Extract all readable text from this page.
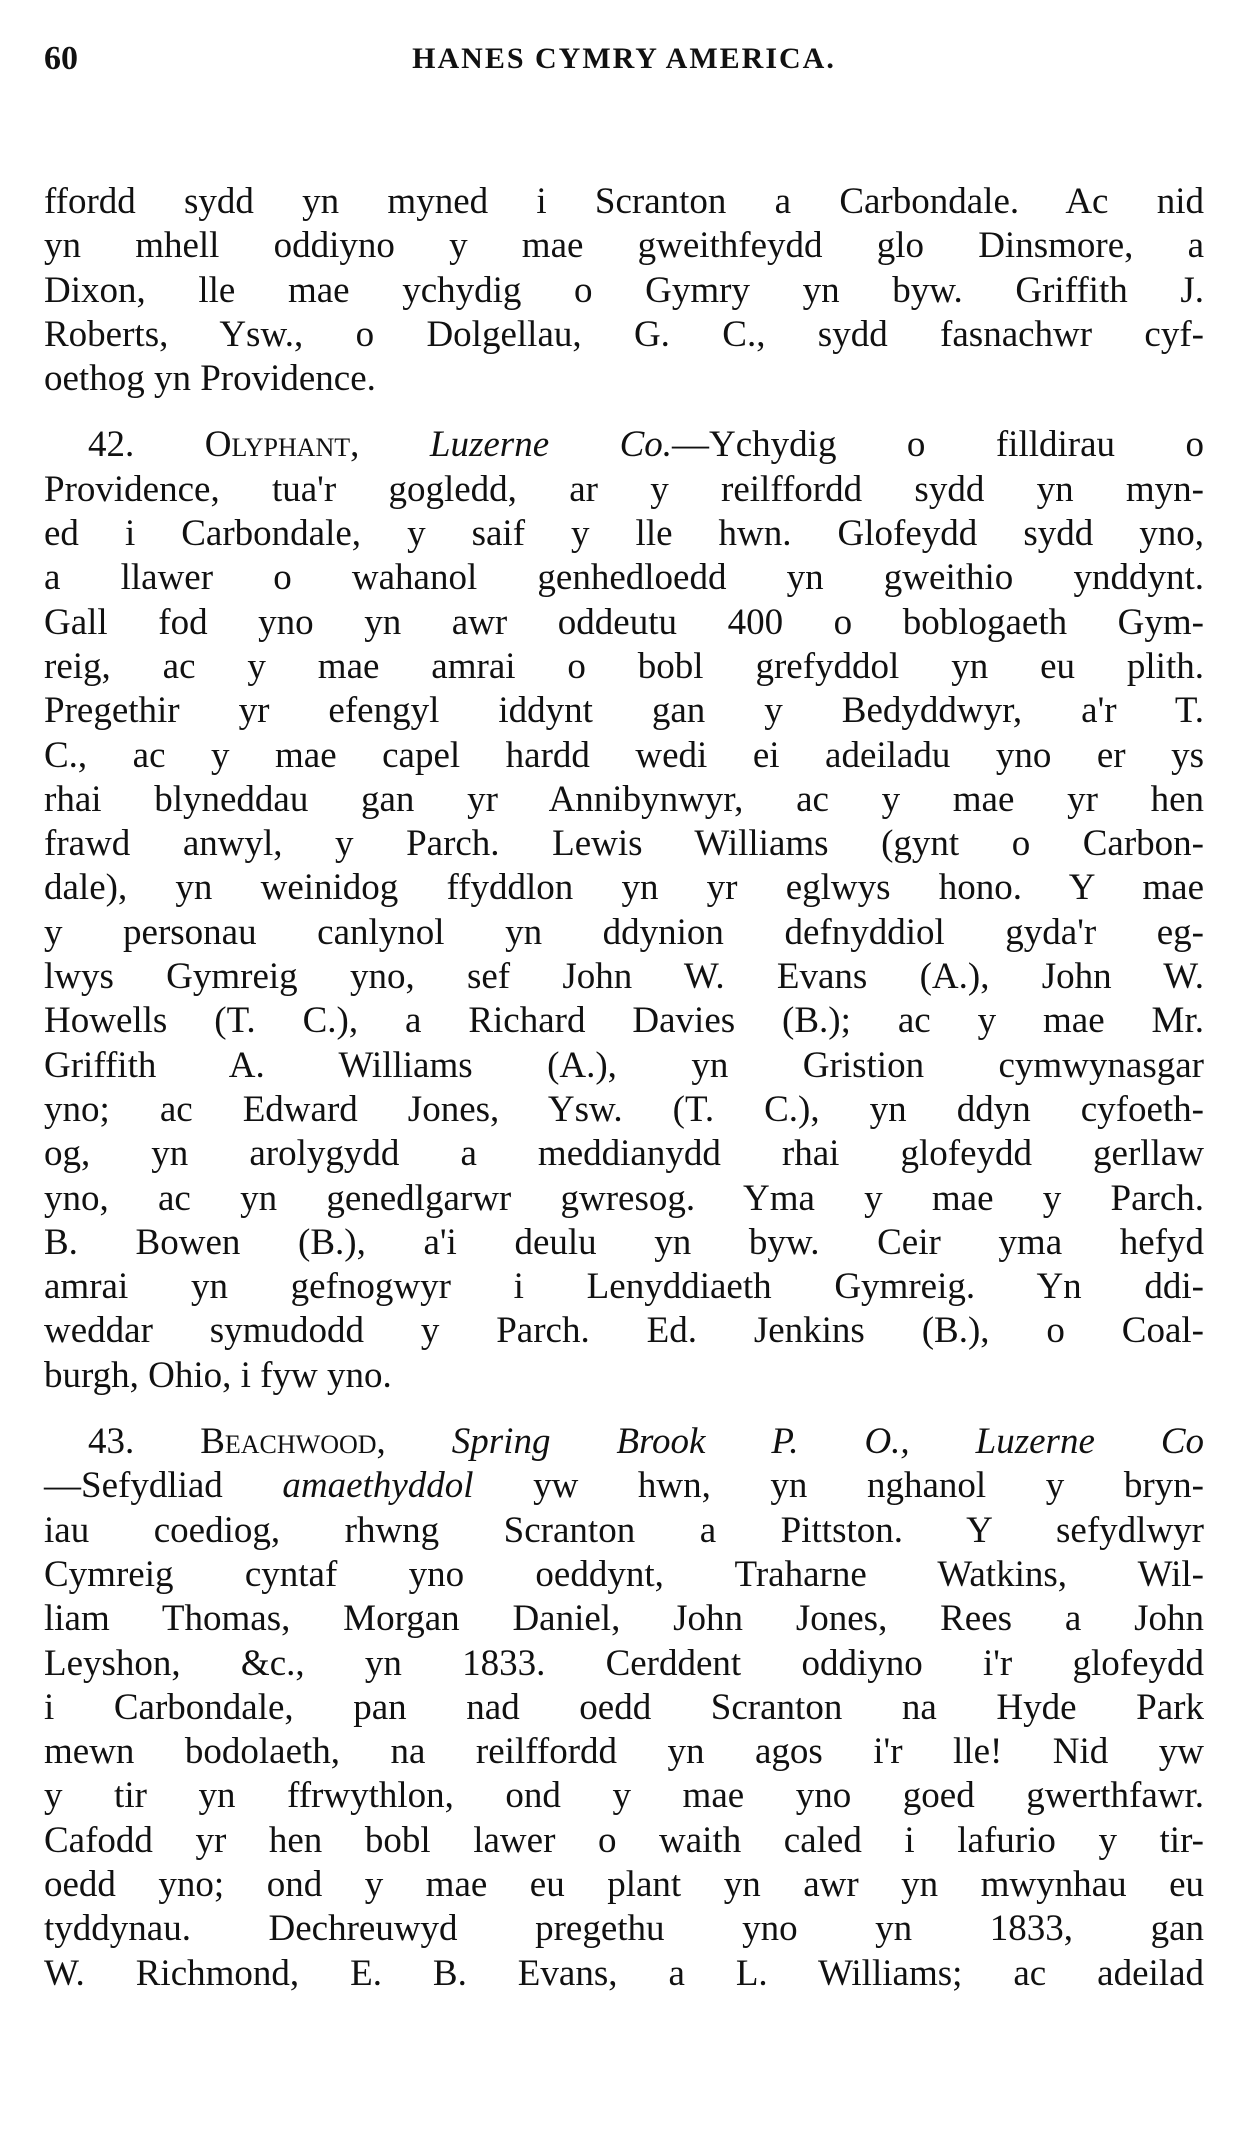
60	HANES CYMRY AMERICA.
ffordd sydd yn myned i Scranton a Carbondale. Ac nid
yn mhell oddiyno y mae gweithfeydd glo Dinsmore, a
Dixon, lle mae ychydig o Gymry yn byw. Griffith J.
Roberts, Ysw., o Dolgellau, G. C., sydd fasnachwr cyf-
oethog yn Providence.
42. Olyphant, Luzerne Co.—Ychydig o filldirau o
Providence, tua'r gogledd, ar y reilffordd sydd yn myn-
ed i Carbondale, y saif y lle hwn. Glofeydd sydd yno,
a llawer o wahanol genhedloedd yn gweithio ynddynt.
Gall fod yno yn awr oddeutu 400 o boblogaeth Gym-
reig, ac y mae amrai o bobl grefyddol yn eu plith.
Pregethir yr efengyl iddynt gan y Bedyddwyr, a'r T.
C., ac y mae capel hardd wedi ei adeiladu yno er ys
rhai blyneddau gan yr Annibynwyr, ac y mae yr hen
frawd anwyl, y Parch. Lewis Williams (gynt o Carbon-
dale), yn weinidog ffyddlon yn yr eglwys hono. Y mae
y personau canlynol yn ddynion defnyddiol gyda'r eg-
lwys Gymreig yno, sef John W. Evans (A.), John W.
Howells (T. C.), a Richard Davies (B.); ac y mae Mr.
Griffith A. Williams (A.), yn Gristion cymwynasgar
yno; ac Edward Jones, Ysw. (T. C.), yn ddyn cyfoeth-
og, yn arolygydd a meddianydd rhai glofeydd gerllaw
yno, ac yn genedlgarwr gwresog. Yma y mae y Parch.
B. Bowen (B.), a'i deulu yn byw. Ceir yma hefyd
amrai yn gefnogwyr i Lenyddiaeth Gymreig. Yn ddi-
weddar symudodd y Parch. Ed. Jenkins (B.), o Coal-
burgh, Ohio, i fyw yno.
43. Beachwood, Spring Brook P. O., Luzerne Co
—Sefydliad amaethyddol yw hwn, yn nghanol y bryn-
iau coediog, rhwng Scranton a Pittston. Y sefydlwyr
Cymreig cyntaf yno oeddynt, Traharne Watkins, Wil-
liam Thomas, Morgan Daniel, John Jones, Rees a John
Leyshon, &c., yn 1833. Cerddent oddiyno i'r glofeydd
i Carbondale, pan nad oedd Scranton na Hyde Park
mewn bodolaeth, na reilffordd yn agos i'r lle! Nid yw
y tir yn ffrwythlon, ond y mae yno goed gwerthfawr.
Cafodd yr hen bobl lawer o waith caled i lafurio y tir-
oedd yno; ond y mae eu plant yn awr yn mwynhau eu
tyddynau. Dechreuwyd pregethu yno yn 1833, gan
W. Richmond, E. B. Evans, a L. Williams; ac adeilad
